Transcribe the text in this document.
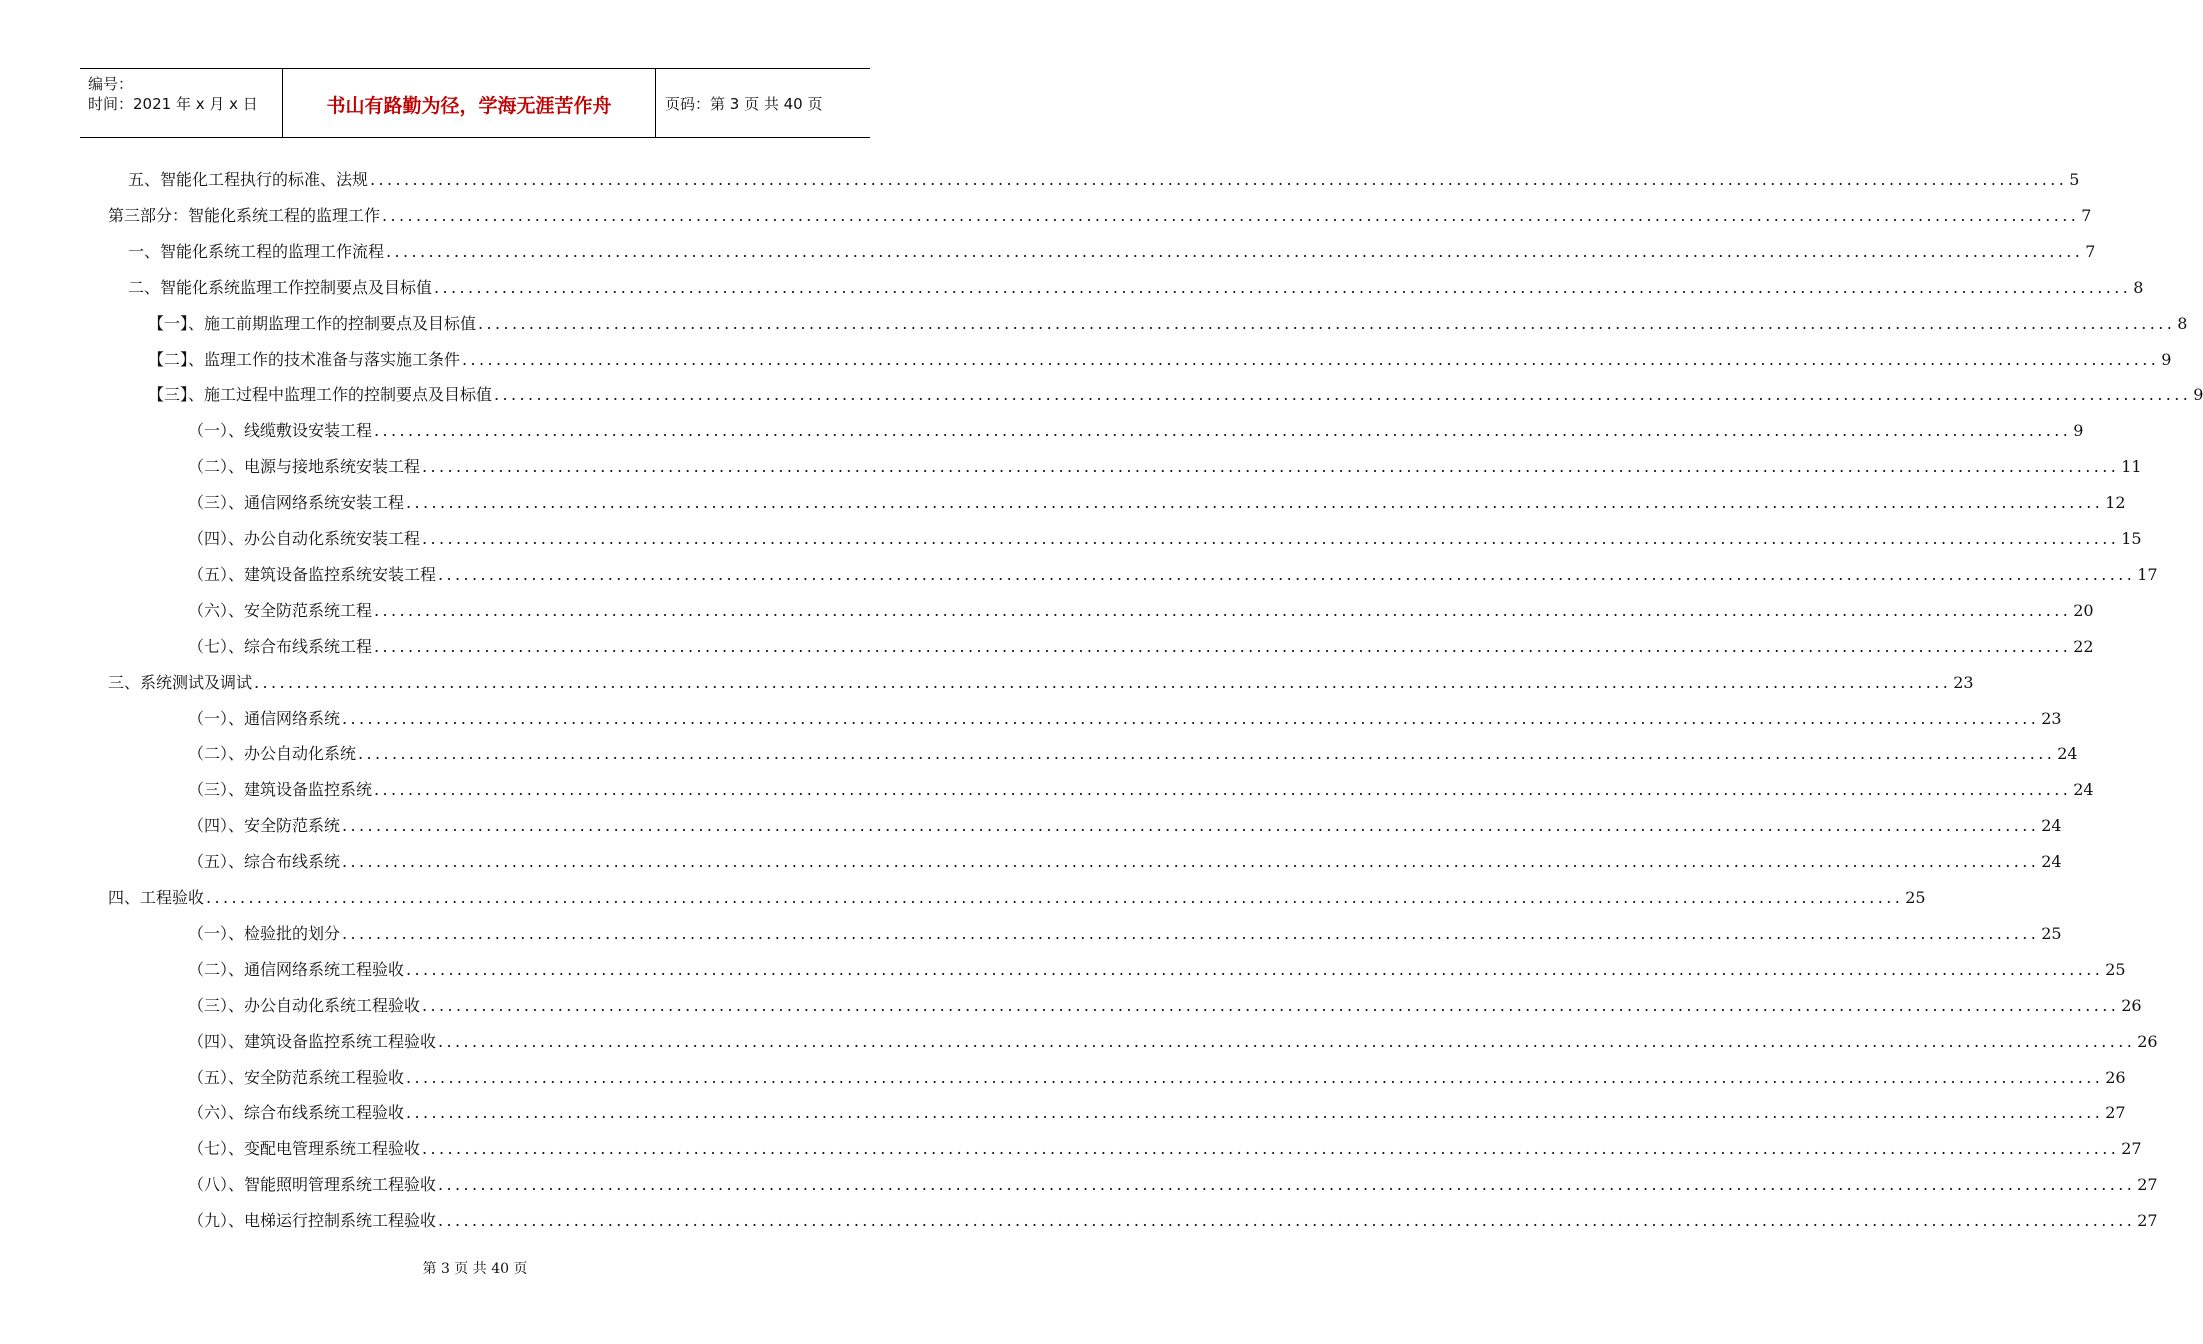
编号：
时间：2021 年 x 月 x 日	书山有路勤为径，学海无涯苦作舟	页码：第 3 页 共 40 页
五、智能化工程执行的标准、法规 ........................................................................................................................................................................................................ 5
第三部分：智能化系统工程的监理工作 ........................................................................................................................................................................................................ 7
一、智能化系统工程的监理工作流程 ........................................................................................................................................................................................................ 7
二、智能化系统监理工作控制要点及目标值 ........................................................................................................................................................................................................ 8
【一】、施工前期监理工作的控制要点及目标值 ........................................................................................................................................................................................................ 8
【二】、监理工作的技术准备与落实施工条件 ........................................................................................................................................................................................................ 9
【三】、施工过程中监理工作的控制要点及目标值 ........................................................................................................................................................................................................ 9
（一）、线缆敷设安装工程 ........................................................................................................................................................................................................ 9
（二）、电源与接地系统安装工程 ........................................................................................................................................................................................................ 11
（三）、通信网络系统安装工程 ........................................................................................................................................................................................................ 12
（四）、办公自动化系统安装工程 ........................................................................................................................................................................................................ 15
（五）、建筑设备监控系统安装工程 ........................................................................................................................................................................................................ 17
（六）、安全防范系统工程 ........................................................................................................................................................................................................ 20
（七）、综合布线系统工程 ........................................................................................................................................................................................................ 22
三、系统测试及调试 ........................................................................................................................................................................................................ 23
（一）、通信网络系统 ........................................................................................................................................................................................................ 23
（二）、办公自动化系统 ........................................................................................................................................................................................................ 24
（三）、建筑设备监控系统 ........................................................................................................................................................................................................ 24
（四）、安全防范系统 ........................................................................................................................................................................................................ 24
（五）、综合布线系统 ........................................................................................................................................................................................................ 24
四、工程验收 ........................................................................................................................................................................................................ 25
（一）、检验批的划分 ........................................................................................................................................................................................................ 25
（二）、通信网络系统工程验收 ........................................................................................................................................................................................................ 25
（三）、办公自动化系统工程验收 ........................................................................................................................................................................................................ 26
（四）、建筑设备监控系统工程验收 ........................................................................................................................................................................................................ 26
（五）、安全防范系统工程验收 ........................................................................................................................................................................................................ 26
（六）、综合布线系统工程验收 ........................................................................................................................................................................................................ 27
（七）、变配电管理系统工程验收 ........................................................................................................................................................................................................ 27
（八）、智能照明管理系统工程验收 ........................................................................................................................................................................................................ 27
（九）、电梯运行控制系统工程验收 ........................................................................................................................................................................................................ 27
第 3 页 共 40 页
